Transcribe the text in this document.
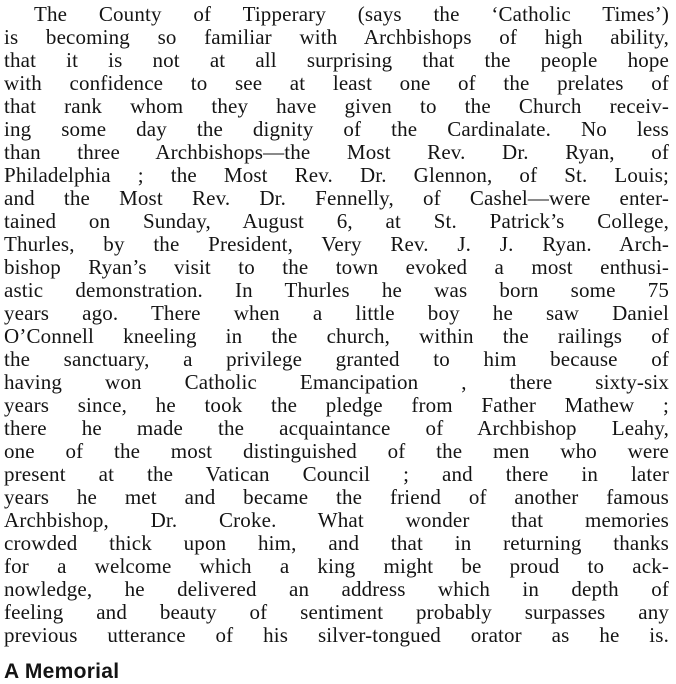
The County of Tipperary (says the ‘Catholic Times’)
is becoming so familiar with Archbishops of high ability,
that it is not at all surprising that the people hope
with confidence to see at least one of the prelates of
that rank whom they have given to the Church receiv-
ing some day the dignity of the Cardinalate. No less
than three Archbishops—the Most Rev. Dr. Ryan, of
Philadelphia ; the Most Rev. Dr. Glennon, of St. Louis;
and the Most Rev. Dr. Fennelly, of Cashel—were enter-
tained on Sunday, August 6, at St. Patrick’s College,
Thurles, by the President, Very Rev. J. J. Ryan. Arch-
bishop Ryan’s visit to the town evoked a most enthusi-
astic demonstration. In Thurles he was born some 75
years ago. There when a little boy he saw Daniel
O’Connell kneeling in the church, within the railings of
the sanctuary, a privilege granted to him because of
having won Catholic Emancipation , there sixty-six
years since, he took the pledge from Father Mathew ;
there he made the acquaintance of Archbishop Leahy,
one of the most distinguished of the men who were
present at the Vatican Council ; and there in later
years he met and became the friend of another famous
Archbishop, Dr. Croke. What wonder that memories
crowded thick upon him, and that in returning thanks
for a welcome which a king might be proud to ack-
nowledge, he delivered an address which in depth of
feeling and beauty of sentiment probably surpasses any
previous utterance of his silver-tongued orator as he is.
A Memorial
